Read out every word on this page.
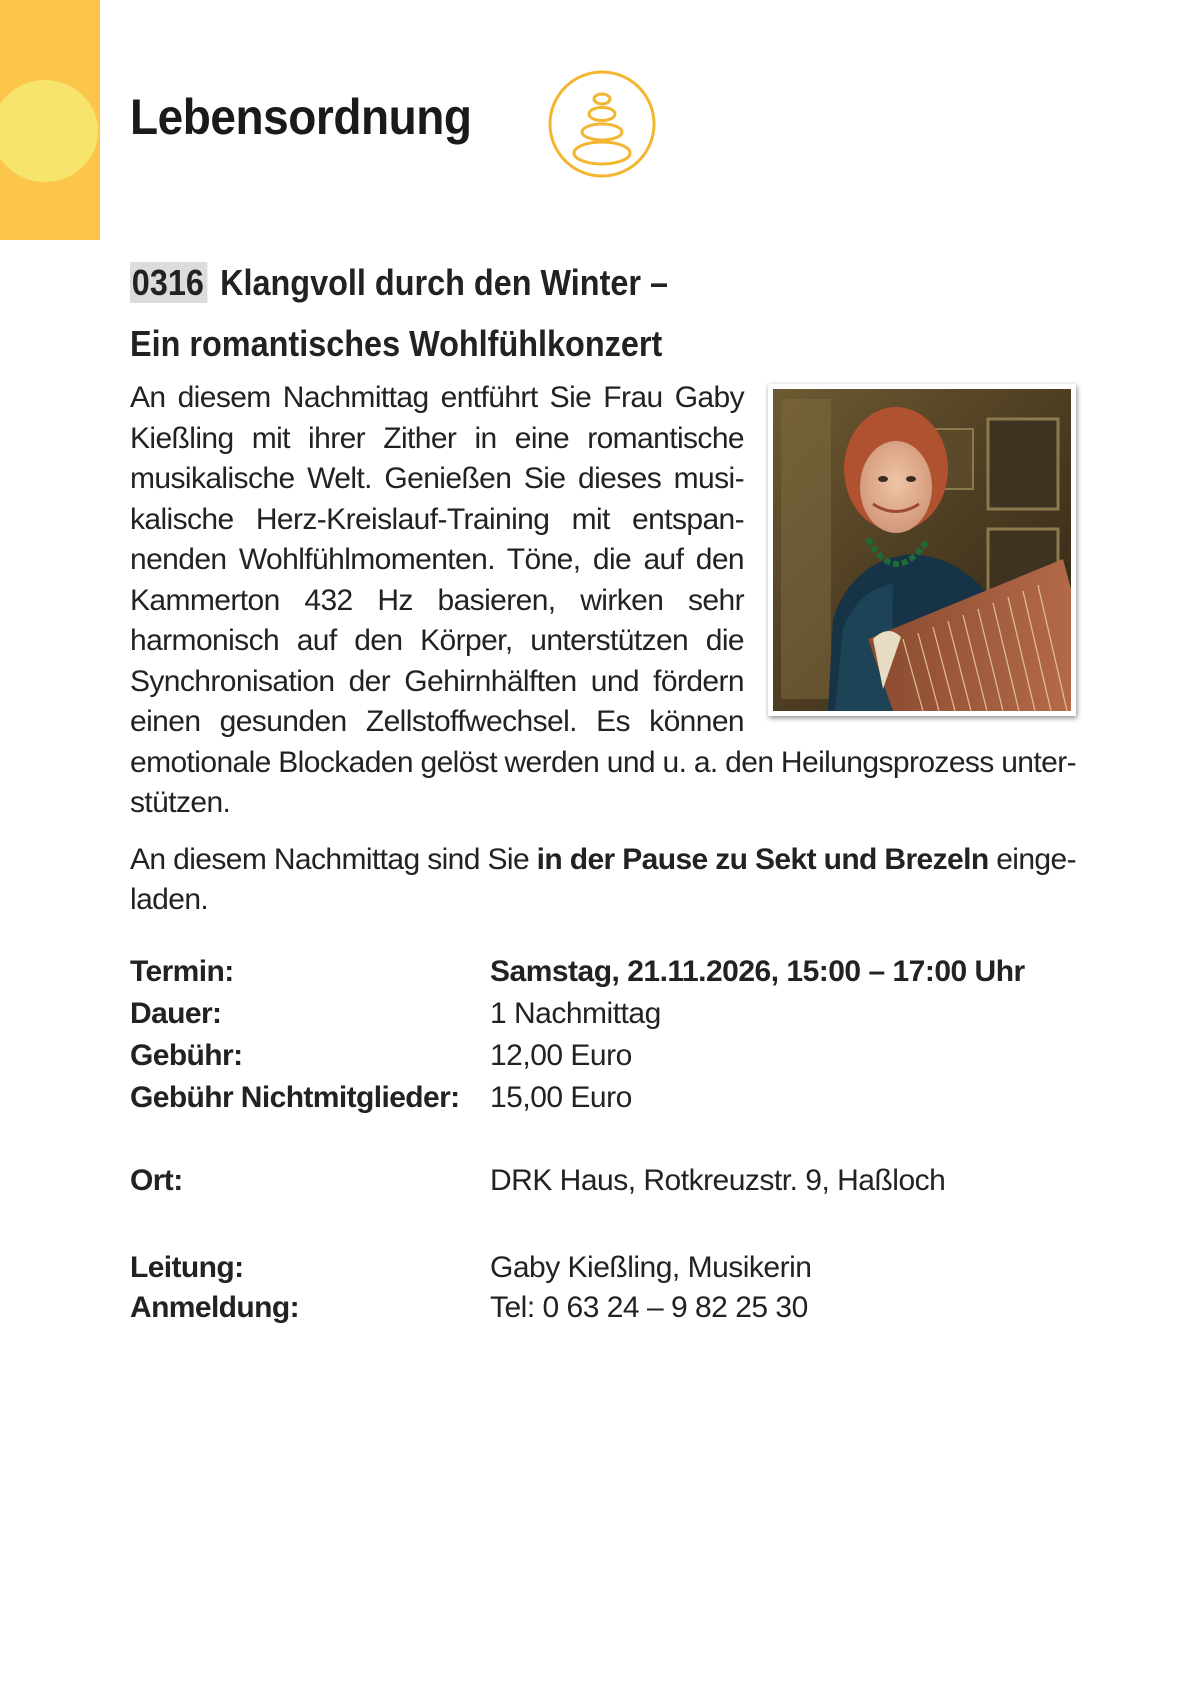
Lebensordnung
0316 Klangvoll durch den Winter –
Ein romantisches Wohlfühlkonzert

An diesem Nachmittag entführt Sie Frau Gaby Kießling mit ihrer Zither in eine romantische musikalische Welt. Genießen Sie dieses musi-kalische Herz-Kreislauf-Training mit entspan-nenden Wohlfühlmomenten. Töne, die auf den Kammerton 432 Hz basieren, wirken sehr harmonisch auf den Körper, unterstützen die Synchronisation der Gehirnhälften und fördern einen gesunden Zellstoffwechsel. Es können emotionale Blockaden gelöst werden und u. a. den Heilungsprozess unter-stützen.

An diesem Nachmittag sind Sie in der Pause zu Sekt und Brezeln einge-laden.

Termin:	Samstag, 21.11.2026, 15:00 – 17:00 Uhr
Dauer:	1 Nachmittag
Gebühr:	12,00 Euro
Gebühr Nichtmitglieder: 15,00 Euro
Ort:	DRK Haus, Rotkreuzstr. 9, Haßloch
Leitung:	Gaby Kießling, Musikerin
Anmeldung:	Tel: 0 63 24 – 9 82 25 30
